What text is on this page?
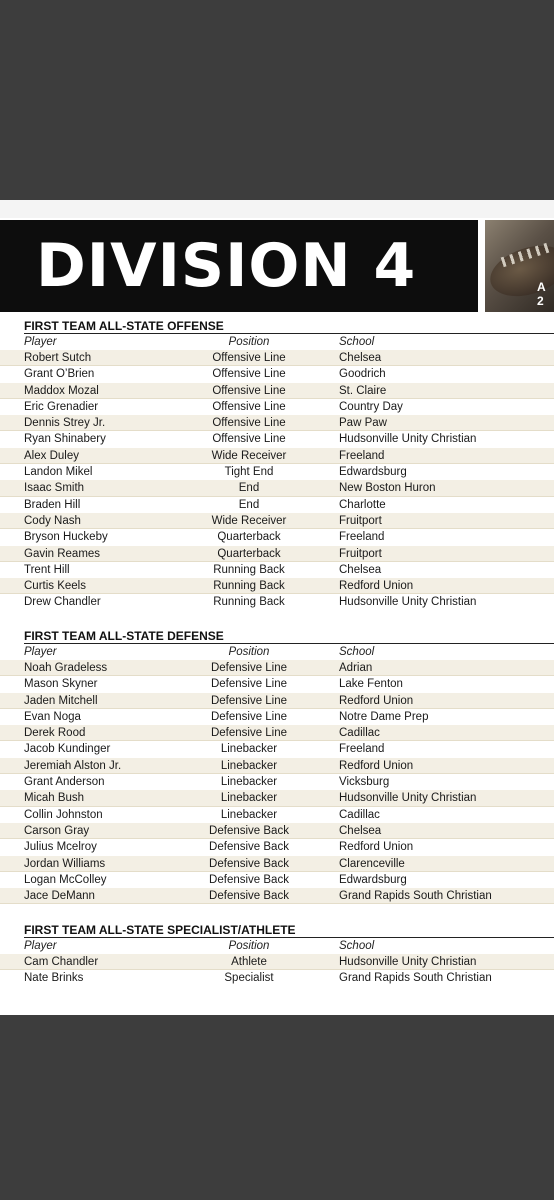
DIVISION 4	A
2
FIRST TEAM ALL-STATE OFFENSE
Player	Position	School
Robert Sutch	Offensive Line	Chelsea
Grant O’Brien	Offensive Line	Goodrich
Maddox Mozal	Offensive Line	St. Claire
Eric Grenadier	Offensive Line	Country Day
Dennis Strey Jr.	Offensive Line	Paw Paw
Ryan Shinabery	Offensive Line	Hudsonville Unity Christian
Alex Duley	Wide Receiver	Freeland
Landon Mikel	Tight End	Edwardsburg
Isaac Smith	End	New Boston Huron
Braden Hill	End	Charlotte
Cody Nash	Wide Receiver	Fruitport
Bryson Huckeby	Quarterback	Freeland
Gavin Reames	Quarterback	Fruitport
Trent Hill	Running Back	Chelsea
Curtis Keels	Running Back	Redford Union
Drew Chandler	Running Back	Hudsonville Unity Christian
FIRST TEAM ALL-STATE DEFENSE
Player	Position	School
Noah Gradeless	Defensive Line	Adrian
Mason Skyner	Defensive Line	Lake Fenton
Jaden Mitchell	Defensive Line	Redford Union
Evan Noga	Defensive Line	Notre Dame Prep
Derek Rood	Defensive Line	Cadillac
Jacob Kundinger	Linebacker	Freeland
Jeremiah Alston Jr.	Linebacker	Redford Union
Grant Anderson	Linebacker	Vicksburg
Micah Bush	Linebacker	Hudsonville Unity Christian
Collin Johnston	Linebacker	Cadillac
Carson Gray	Defensive Back	Chelsea
Julius Mcelroy	Defensive Back	Redford Union
Jordan Williams	Defensive Back	Clarenceville
Logan McColley	Defensive Back	Edwardsburg
Jace DeMann	Defensive Back	Grand Rapids South Christian
FIRST TEAM ALL-STATE SPECIALIST/ATHLETE
Player	Position	School
Cam Chandler	Athlete	Hudsonville Unity Christian
Nate Brinks	Specialist	Grand Rapids South Christian
